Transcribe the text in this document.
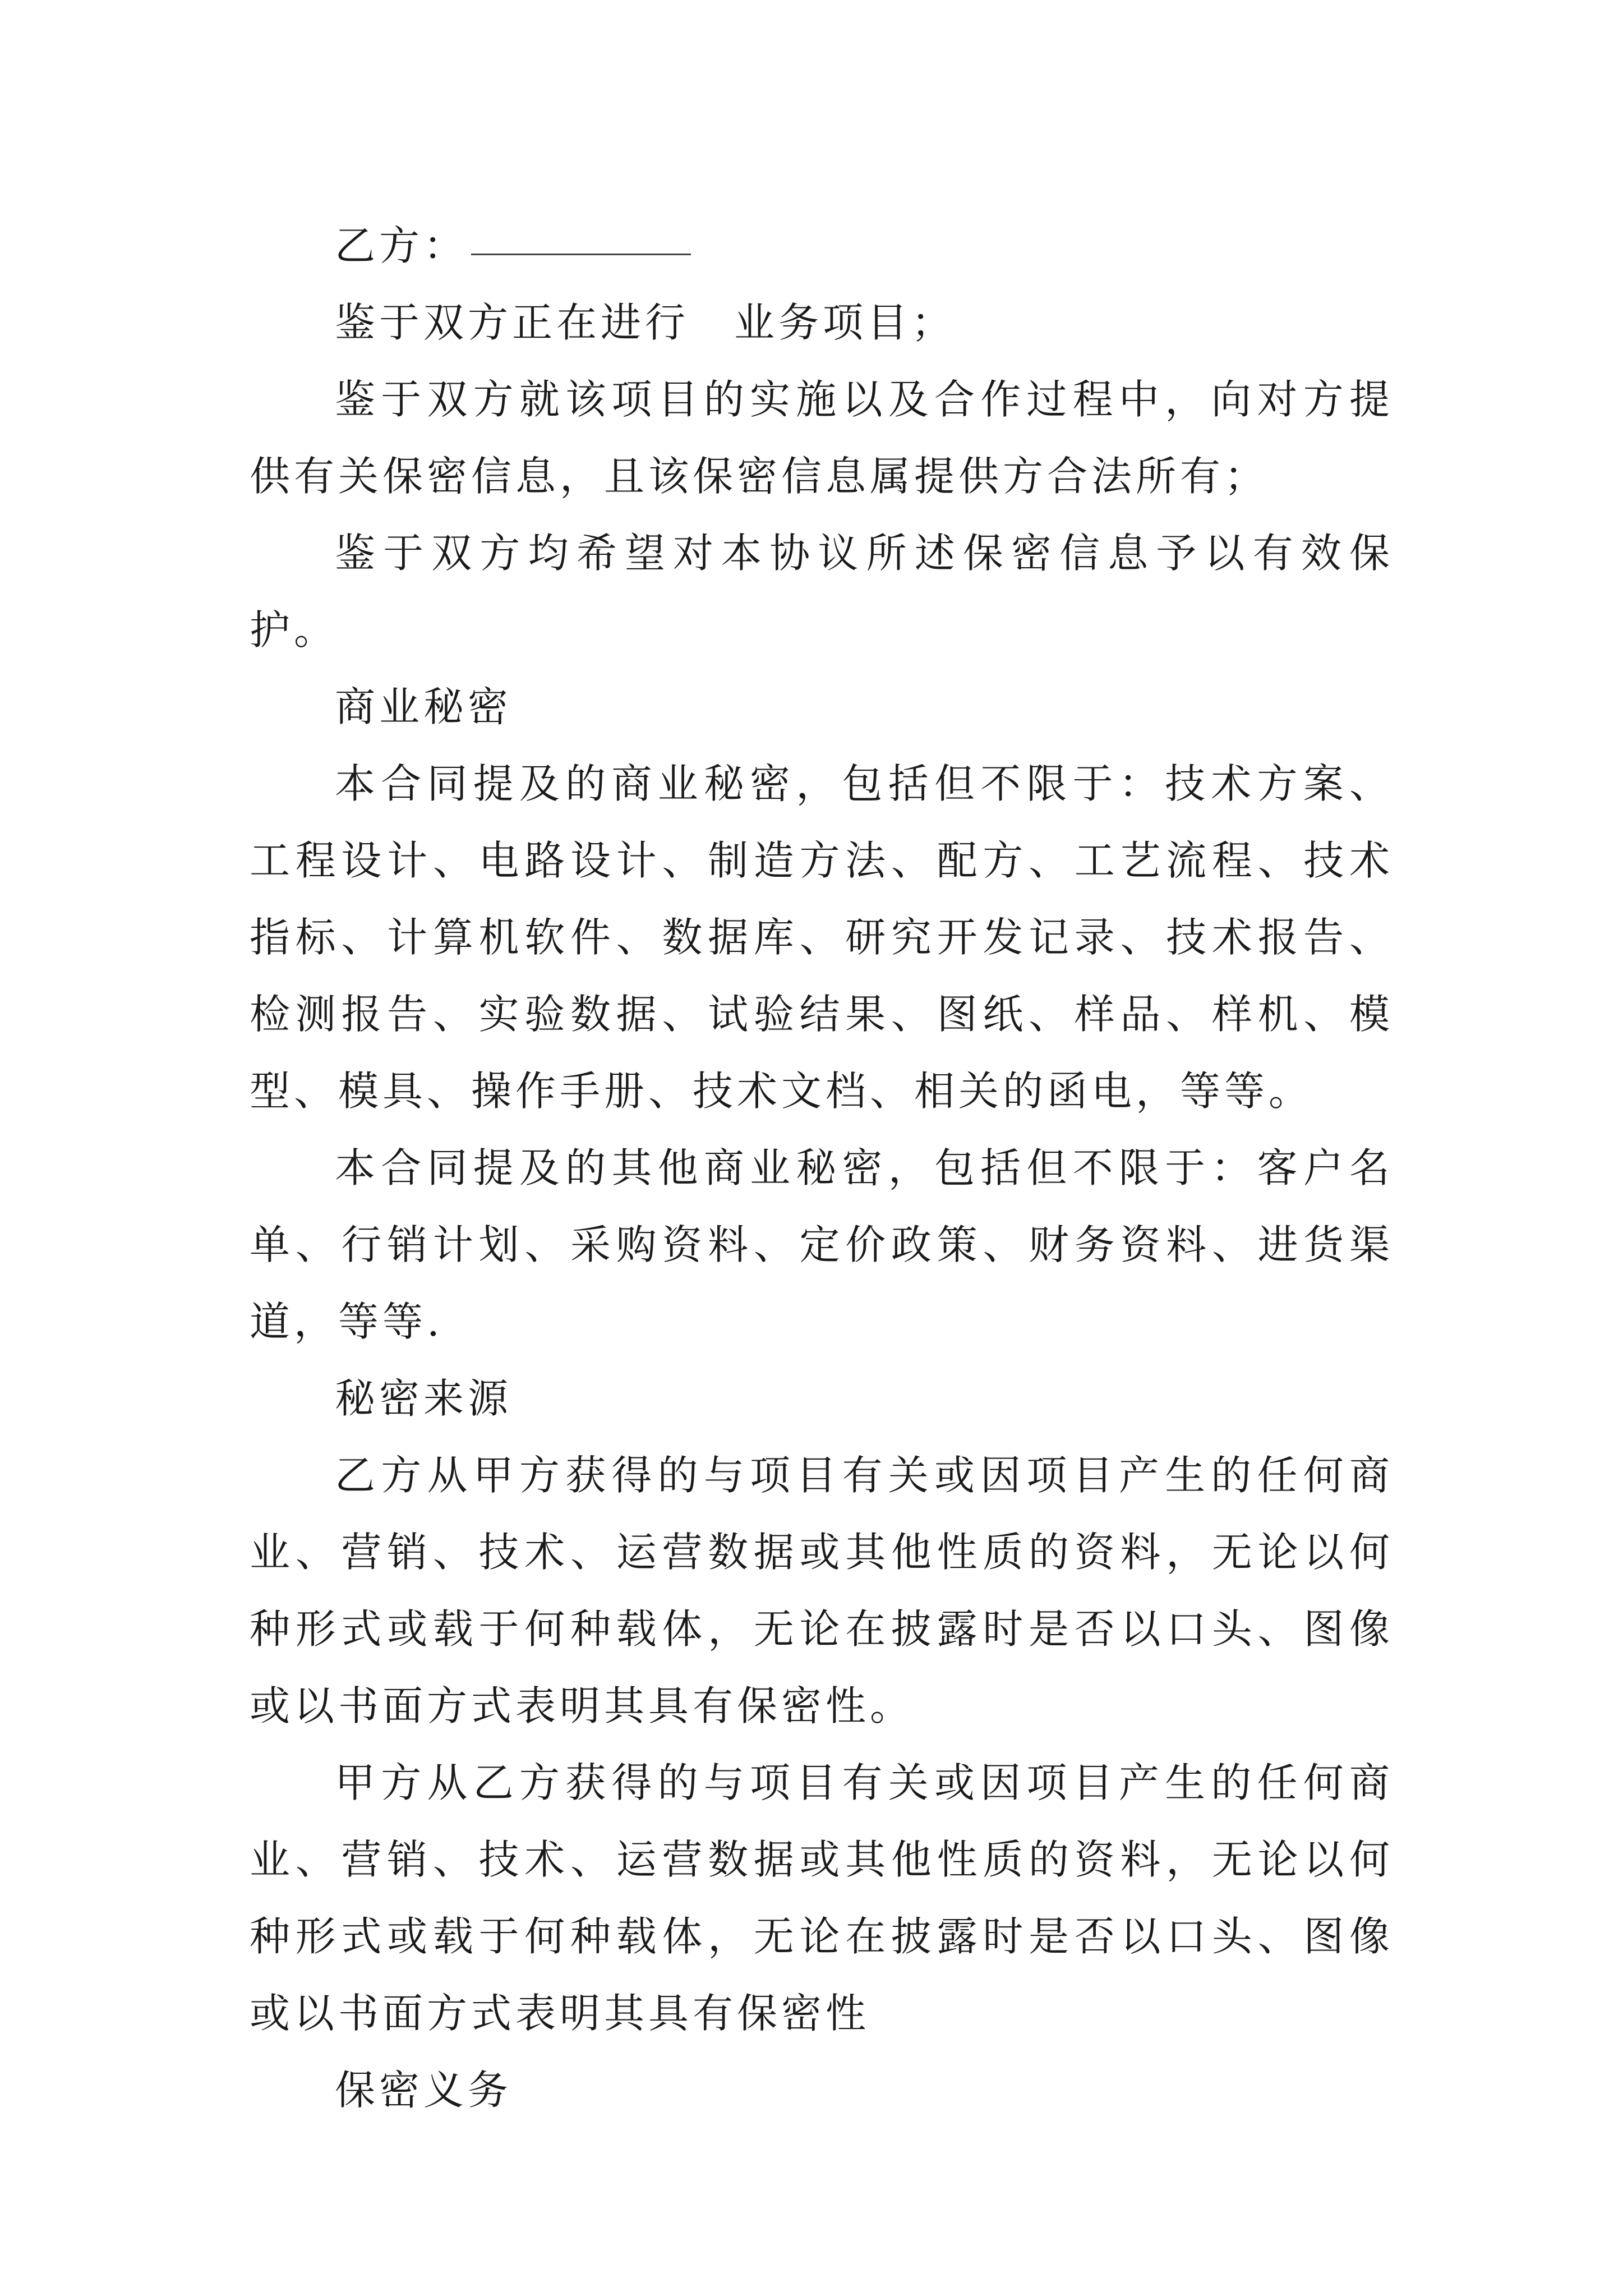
乙方：

鉴于双方正在进行 业务项目；

鉴于双方就该项目的实施以及合作过程中，向对方提供有关保密信息，且该保密信息属提供方合法所有；

鉴于双方均希望对本协议所述保密信息予以有效保护。

商业秘密

本合同提及的商业秘密，包括但不限于：技术方案、工程设计、电路设计、制造方法、配方、工艺流程、技术指标、计算机软件、数据库、研究开发记录、技术报告、检测报告、实验数据、试验结果、图纸、样品、样机、模型、模具、操作手册、技术文档、相关的函电，等等。

本合同提及的其他商业秘密，包括但不限于：客户名单、行销计划、采购资料、定价政策、财务资料、进货渠道，等等.

秘密来源

乙方从甲方获得的与项目有关或因项目产生的任何商业、营销、技术、运营数据或其他性质的资料，无论以何种形式或载于何种载体，无论在披露时是否以口头、图像或以书面方式表明其具有保密性。

甲方从乙方获得的与项目有关或因项目产生的任何商业、营销、技术、运营数据或其他性质的资料，无论以何种形式或载于何种载体，无论在披露时是否以口头、图像或以书面方式表明其具有保密性

保密义务
